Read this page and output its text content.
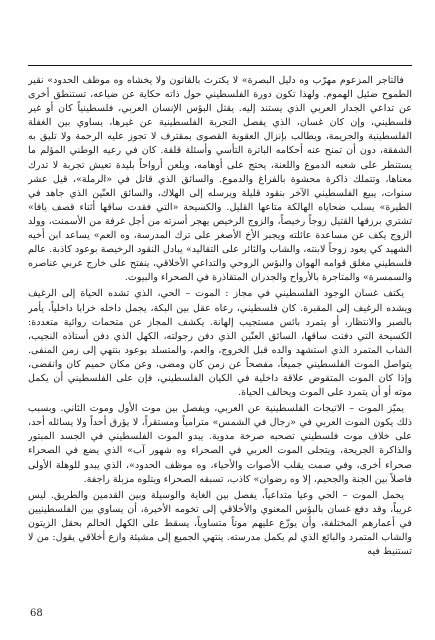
فالتاجر المزعوم مهرّب وه دليل البصرة» لا يكترث بالقانون ولا يخشاه وه موظف الحدود» نقير الطموح ضئيل الهموم. ولهذا تكون دورة الفلسطيني حول ذاته حكاية عن ضياعه، تستنطق أخرى عن تداعي الجدار العربي الذي يستند إليه. يقتل البؤس الإنسان العربي، فلسطينياً كان أو غير فلسطيني، وإن كان غسان، الذي يفصل التجربة الفلسطينية عن غيرها، يساوي بين الغفلة الفلسطينية والجريمة، ويطالب بإنزال العقوبة القصوى بمقترف لا تجوز عليه الرحمة ولا تليق به الشفقة، دون أن تمنح عنه أحكامه الباترة التأسي وأسئلة قلقة. كان في رعيه الوطني المؤلم ما يستنطر على شعبه الدموع واللعنة، يحتج على أوهامه، ويلعن أرواحاً بليدة تعيش تجربة لا تدرك معناها، وتتملك ذاكرة محشوة بالفراغ والدموع. والسائق الذي قاتل في «الرملة»، قيل عشر سنوات، يبيع الفلسطيني الآخر بنقود قليلة ويرسله إلى الهلاك، والسائق العنّين الذي جاهد في الطيرة» يسلب ضحاياه الهالكة متاعها القليل. والكسيحة «التي فقدت ساقها أثناء قصف يافا» تشتري برزقها القتيل زوجاً رخيصاً، والزوج الرخيص يهجر أسرته من أجل غرفة من الأسمنت، وولد الزوج يكف عن مساعدة عائلته ويجبر الأخ الأصغر على ترك المدرسة، وه العم» يساعد ابن أخيه الشهيد كي يعود زوجاً لابنته، والشاب والثائر على التقاليد» يبادل النقود الرخيصة بوعود كاذبة. عالم فلسطيني مغلق قوامه الهوان والبؤس الروحي والتداعي الأخلاقي، ينفتح على خارج عربي عناصره والسمسرة» والمتاجرة بالأرواح والجدران المتقاذرة في الصحراء والبيوت.

يكتف غسان الوجود الفلسطيني في مجاز : الموت – الحي، الذي تشده الحياة إلى الرغيف ويشده الرغيف إلى المقبرة. كان فلسطيني، رعاه عقل بين البكة، يجمل داخله خرابا داخلياً، يأمر بالصبر والانتظار، أو يتمرد بائس مستجيب إلهانة. يكشف المجاز عن متحمات روائية متعددة: الكسيحة التي دفنت ساقها، السائق العنّين الذي دفن رجولته، الكهل الذي دفن أستاذه النجيب، الشاب المتمرد الذي استشهد والده قبل الخروج، والعم، والمتسلد بوعود بنتهي إلى زمن المنفى. يتواصل الموت الفلسطيني جميعاً، مفصحاً عن زمن كان ومضى، وعن مكان حميم كان وانقضى، وإذا كان الموت المتقوض علاقة داخلية في الكيان الفلسطيني، فإن على الفلسطيني أن يكمل موته أو أن يتمرد على الموت ويحالف الحياة.

يميّز الموت – الاتيجات الفلسطينية عن العربي، ويفصل بين موت الأول وموت الثاني. وبسبب ذلك يكون الموت العربي في «رجال في الشمس» مترامياً ومستقراً، لا يؤرق أحداً ولا يسائله أحد، على خلاف موت فلسطيني تصحبه صرخة مدوية. يبدو الموت الفلسطيني في الجسد المبتور والذاكرة الجريحة، ويتجلى الموت العربي في الصحراء وه شهور آب» الذي يضع في الصحراء صحراء أخرى، وفي صمت يقلب الأصوات والأحياء، وه موظف الحدود»، الذي يبدو للوهلة الأولى فاصلاً بين الجنة والجحيم، إلا وه رضوان» كاذب، تسبقه الصحراء ويتلوه مزبلة راجفة.

يحمل الموت – الحي وعيا متداعياً، يفصل بين الغاية والوسيلة وبين القدمين والطريق. ليس غريباً، وقد دفع غسان بالبؤس المعنوي والأخلاقي إلى تخومه الأخيرة، أن يساوي بين الفلسطينيين في أعمارهم المختلفة، وأن يوزّع عليهم موتاً متساوياً، يسقط على الكهل الحالم بحقل الزيتون والشاب المتمرد والبائع الذي لم يكمل مدرسته. ينتهي الجميع إلى مشيئة وازع أخلاقي يقول: من لا تستنيط فيه

68
